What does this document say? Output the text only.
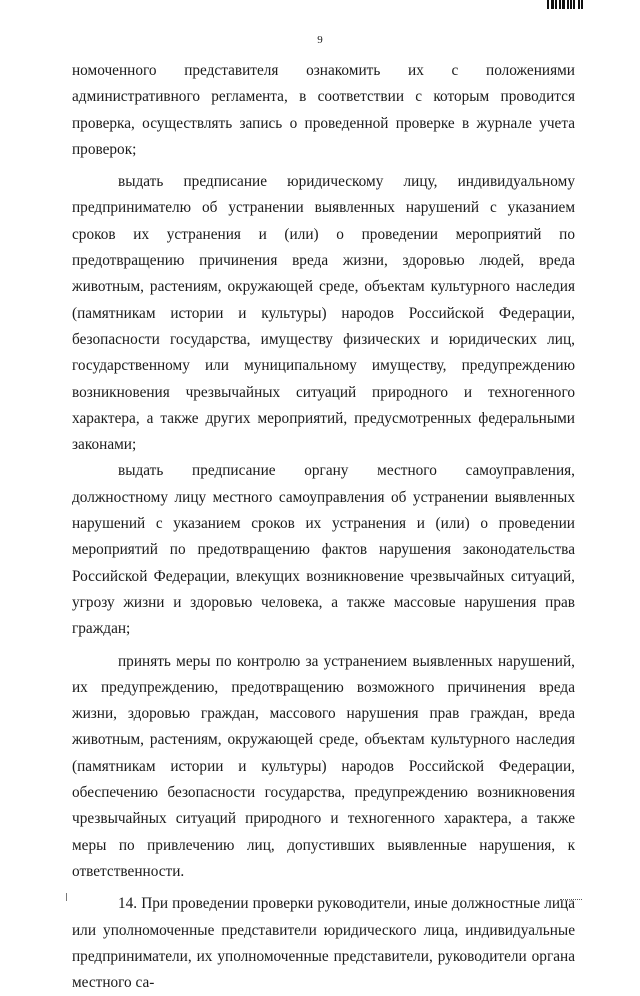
9

номоченного представителя ознакомить их с положениями административного регламента, в соответствии с которым проводится проверка, осуществлять запись о проведенной проверке в журнале учета проверок;

выдать предписание юридическому лицу, индивидуальному предпринимателю об устранении выявленных нарушений с указанием сроков их устранения и (или) о проведении мероприятий по предотвращению причинения вреда жизни, здоровью людей, вреда животным, растениям, окружающей среде, объектам культурного наследия (памятникам истории и культуры) народов Российской Федерации, безопасности государства, имуществу физических и юридических лиц, государственному или муниципальному имуществу, предупреждению возникновения чрезвычайных ситуаций природного и техногенного характера, а также других мероприятий, предусмотренных федеральными законами;

выдать предписание органу местного самоуправления, должностному лицу местного самоуправления об устранении выявленных нарушений с указанием сроков их устранения и (или) о проведении мероприятий по предотвращению фактов нарушения законодательства Российской Федерации, влекущих возникновение чрезвычайных ситуаций, угрозу жизни и здоровью человека, а также массовые нарушения прав граждан;

принять меры по контролю за устранением выявленных нарушений, их предупреждению, предотвращению возможного причинения вреда жизни, здоровью граждан, массового нарушения прав граждан, вреда животным, растениям, окружающей среде, объектам культурного наследия (памятникам истории и культуры) народов Российской Федерации, обеспечению безопасности государства, предупреждению возникновения чрезвычайных ситуаций природного и техногенного характера, а также меры по привлечению лиц, допустивших выявленные нарушения, к ответственности.

14. При проведении проверки руководители, иные должностные лица или уполномоченные представители юридического лица, индивидуальные предприниматели, их уполномоченные представители, руководители органа местного са-
